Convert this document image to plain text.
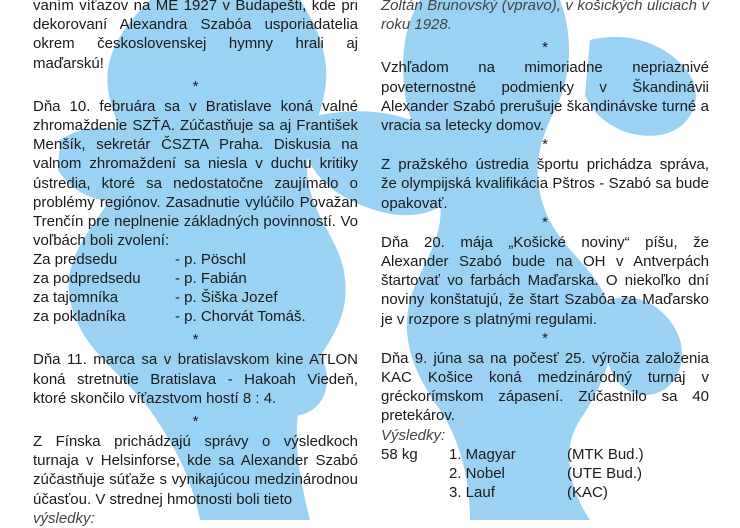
vaním víťazov na ME 1927 v Budapešti, kde pri dekorovaní Alexandra Szabóa usporiadatelia okrem československej hymny hrali aj maďarskú!

*

Dňa 10. februára sa v Bratislave koná valné zhromaždenie SZŤA. Zúčastňuje sa aj František Menšík, sekretár ČSZTA Praha. Diskusia na valnom zhromaždení sa niesla v duchu kritiky ústredia, ktoré sa nedostatočne zaujímalo o problémy regiónov. Zasadnutie vylúčilo Považan Trenčín pre neplnenie základných povinností. Vo voľbách boli zvolení:

Za predsedu	- p. Pöschl
za podpredsedu	- p. Fabián
za tajomníka	- p. Šiška Jozef
za pokladníka	- p. Chorvát Tomáš.

*

Dňa 11. marca sa v bratislavskom kine ATLON koná stretnutie Bratislava - Hakoah Viedeň, ktoré skončilo víťazstvom hostí 8 : 4.

*

Z Fínska prichádzajú správy o výsledkoch turnaja v Helsinforse, kde sa Alexander Szabó zúčastňuje súťaže s vynikajúcou medzinárodnou účasťou. V strednej hmotnosti boli tieto

výsledky:

Zoltán Brunovský (vpravo), v košických uliciach v roku 1928.

*

Vzhľadom na mimoriadne nepriaznivé poveternostné podmienky v Škandinávii Alexander Szabó prerušuje škandinávske turné a vracia sa letecky domov.

*

Z pražského ústredia športu prichádza správa, že olympijská kvalifikácia Pštros - Szabó sa bude opakovať.

*

Dňa 20. mája „Košické noviny“ píšu, že Alexander Szabó bude na OH v Antverpách štartovať vo farbách Maďarska. O niekoľko dní noviny konštatujú, že štart Szabóa za Maďarsko je v rozpore s platnými regulami.

*

Dňa 9. júna sa na počesť 25. výročia založenia KAC Košice koná medzinárodný turnaj v gréckorímskom zápasení. Zúčastnilo sa 40 pretekárov.

Výsledky:

58 kg	1. Magyar	(MTK Bud.)
2. Nobel	(UTE Bud.)
3. Lauf	(KAC)
